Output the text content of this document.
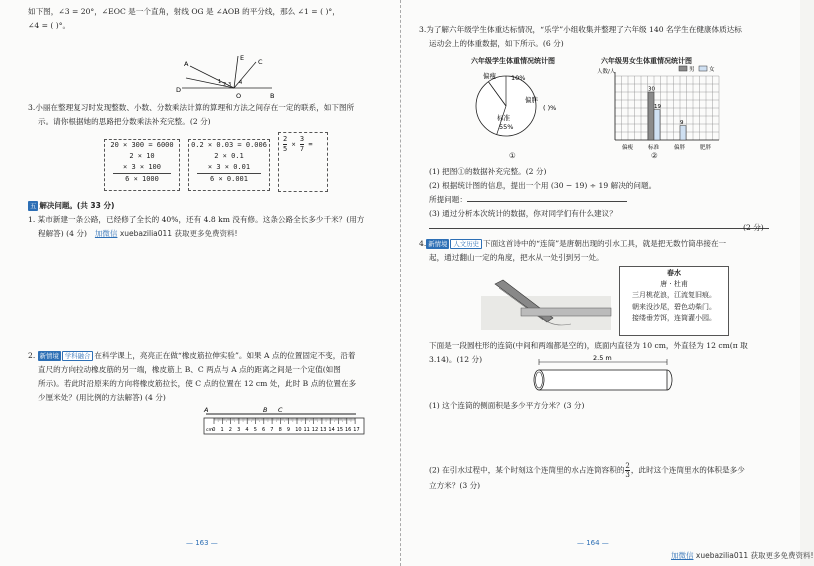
如下图，∠3 = 20°，∠EOC 是一个直角，射线 OG 是 ∠AOB 的平分线，那么 ∠1 = ( )°，
∠4 = ( )°。
O
E C
A
D
B
1 2 3 4
3.小丽在整理复习时发现整数、小数、分数乘法计算的算理和方法之间存在一定的联系，如下图所
示。请你根据她的思路把分数乘法补充完整。(2 分)
20 × 300 = 6000
2 × 10
× 3 × 100
6 × 1000
0.2 × 0.03 = 0.006
2 × 0.1
× 3 × 0.01
6 × 0.001
$\frac{2}{5} \times \frac{3}{7}$ =
五 解决问题。(共 33 分)
1. 某市新建一条公路，已经修了全长的 40%，还有 4.8 km 没有修。这条公路全长多少千米？(用方
程解答) (4 分) 加微信 xuebazilia011 获取更多免费资料!
2. 新情境 学科融合 在科学课上，亮亮正在做“橡皮筋拉伸实验”。如果 A 点的位置固定不变，沿着
直尺的方向拉动橡皮筋的另一端，橡皮筋上 B、C 两点与 A 点的距离之间是一个定值(如图
所示)。若此时沿原来的方向将橡皮筋拉长，使 C 点的位置在 12 cm 处，此时 B 点的位置在多
少厘米处？(用比例的方法解答) (4 分)
A	B C
0 1 2 3 4 5 6 7 8 9 10 11 12 13 14 15 16 17
cm
— 163 —
3.为了解六年级学生体重达标情况，“乐学”小组收集并整理了六年级 140 名学生在健康体质达标
运动会上的体重数据，如下所示。(6 分)
六年级学生体重情况统计图
偏瘦 10%
偏胖
( )%
标准
55%
①
六年级男女生体重情况统计图
人数/人
偏瘦	标准
30
19
偏胖
9
肥胖
男	女
②
(1) 把图①的数据补充完整。(2 分)
(2) 根据统计图的信息，提出一个用 (30 − 19) ÷ 19 解决的问题。
所提问题：
(3) 通过分析本次统计的数据，你对同学们有什么建议？
(2 分)
4. 新情境 人文历史 下面这首诗中的“连筒”是唐朝出现的引水工具，就是把无数竹筒串接在一
起，通过翻山一定的角度，把水从一处引到另一处。
春水
唐 · 杜甫
三月桃花浪，江流复旧痕。
朝来没沙尾，碧色动柴门。
接缕垂芳饵，连筒灌小园。
下面是一段圆柱形的连筒(中间和两端都是空的)，底面内直径为 10 cm，外直径为 12 cm(π 取
3.14)。(12 分)	2.5 m
(1) 这个连筒的侧面积是多少平方分米？(3 分)
(2) 在引水过程中，某个时刻这个连筒里的水占连筒容积的 $\frac{2}{3}$ ，此时这个连筒里水的体积是多少
立方米？(3 分)
— 164 —
加微信 xuebazilia011 获取更多免费资料!
